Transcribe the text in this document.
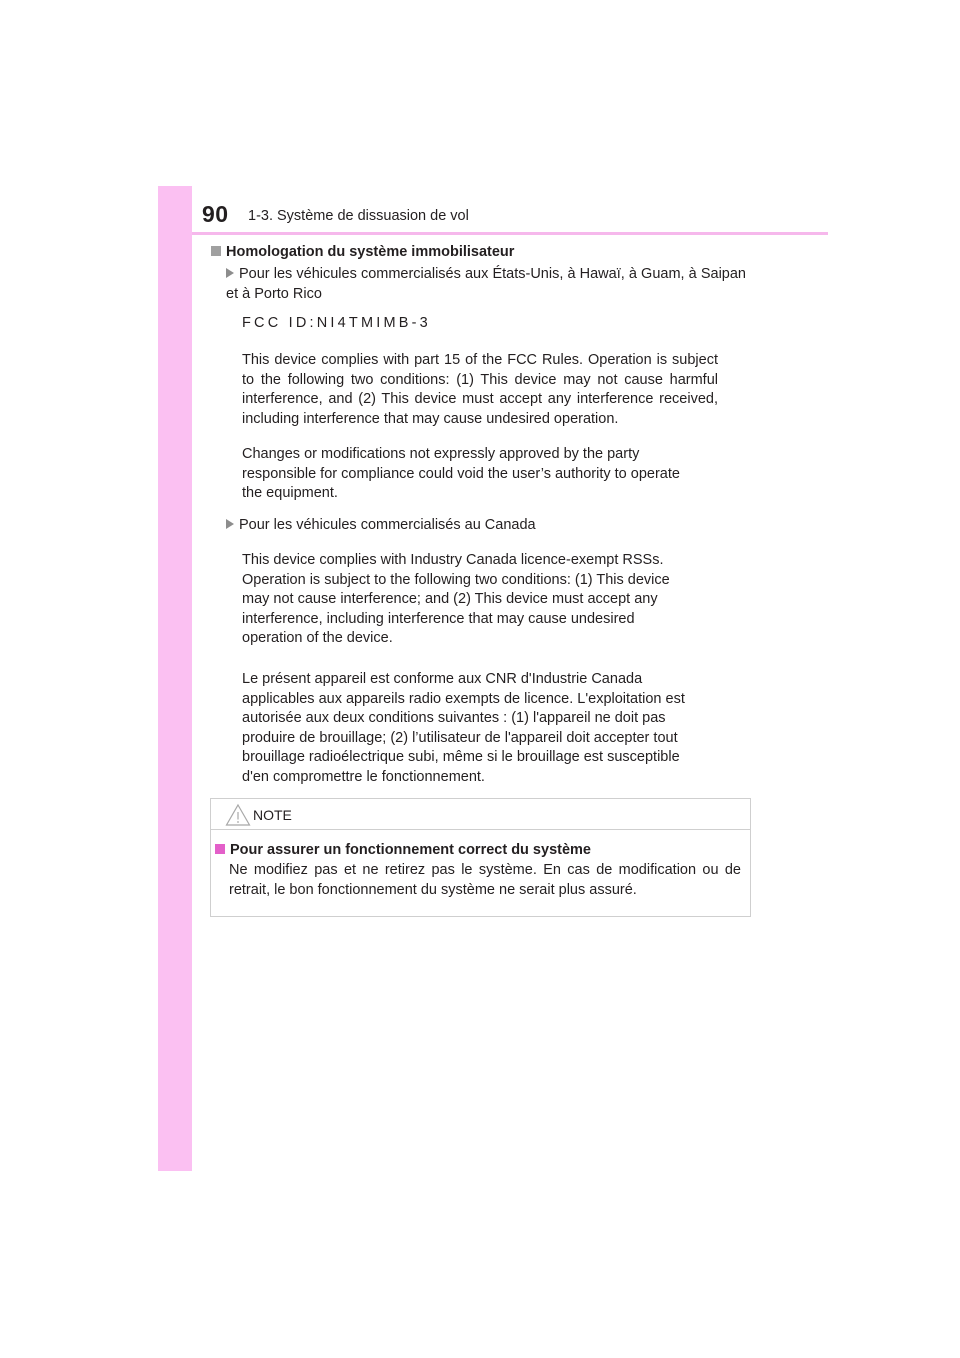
90 1-3. Système de dissuasion de vol
Homologation du système immobilisateur
Pour les véhicules commercialisés aux États-Unis, à Hawaï, à Guam, à Saipan et à Porto Rico
FCC ID:NI4TMIMB-3
This device complies with part 15 of the FCC Rules. Operation is subject to the following two conditions: (1) This device may not cause harmful interference, and (2) This device must accept any interference received, including interference that may cause undesired operation.
Changes or modifications not expressly approved by the party
responsible for compliance could void the user’s authority to operate
the equipment.
Pour les véhicules commercialisés au Canada
This device complies with Industry Canada licence-exempt RSSs.
Operation is subject to the following two conditions: (1) This device
may not cause interference; and (2) This device must accept any
interference, including interference that may cause undesired
operation of the device.
Le présent appareil est conforme aux CNR d'Industrie Canada
applicables aux appareils radio exempts de licence. L'exploitation est
autorisée aux deux conditions suivantes : (1) l'appareil ne doit pas
produire de brouillage; (2) l’utilisateur de l'appareil doit accepter tout
brouillage radioélectrique subi, même si le brouillage est susceptible
d'en compromettre le fonctionnement.
NOTE
Pour assurer un fonctionnement correct du système
Ne modifiez pas et ne retirez pas le système. En cas de modification ou de retrait, le bon fonctionnement du système ne serait plus assuré.
